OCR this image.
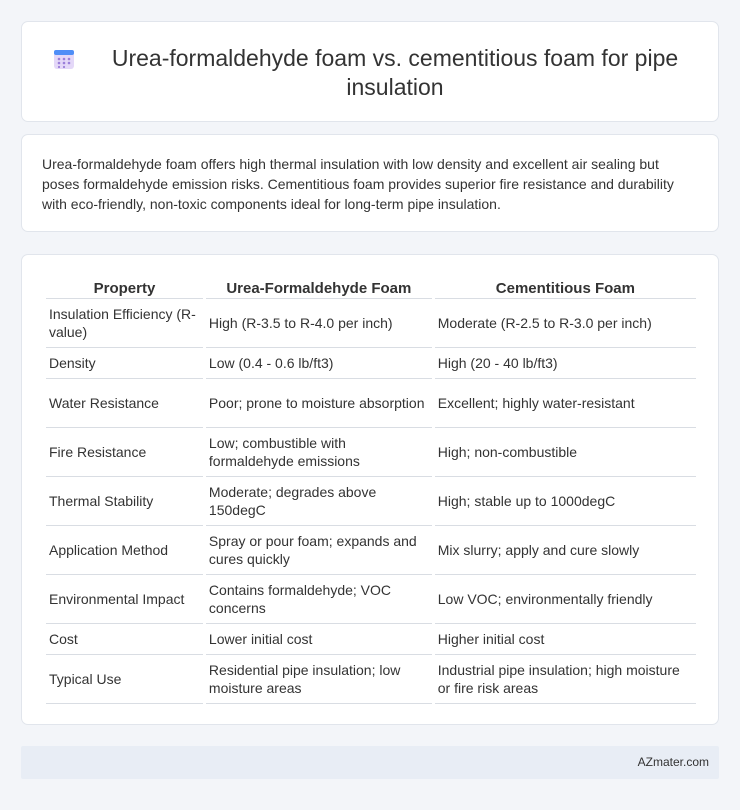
Urea-formaldehyde foam vs. cementitious foam for pipe insulation

Urea-formaldehyde foam offers high thermal insulation with low density and excellent air sealing but poses formaldehyde emission risks. Cementitious foam provides superior fire resistance and durability with eco-friendly, non-toxic components ideal for long-term pipe insulation.

Property	Urea-Formaldehyde Foam	Cementitious Foam
Insulation Efficiency (R-value)	High (R-3.5 to R-4.0 per inch)	Moderate (R-2.5 to R-3.0 per inch)
Density	Low (0.4 - 0.6 lb/ft3)	High (20 - 40 lb/ft3)
Water Resistance	Poor; prone to moisture absorption	Excellent; highly water-resistant
Fire Resistance	Low; combustible with formaldehyde emissions	High; non-combustible
Thermal Stability	Moderate; degrades above 150degC	High; stable up to 1000degC
Application Method	Spray or pour foam; expands and cures quickly	Mix slurry; apply and cure slowly
Environmental Impact	Contains formaldehyde; VOC concerns	Low VOC; environmentally friendly
Cost	Lower initial cost	Higher initial cost
Typical Use	Residential pipe insulation; low moisture areas	Industrial pipe insulation; high moisture or fire risk areas
AZmater.com
